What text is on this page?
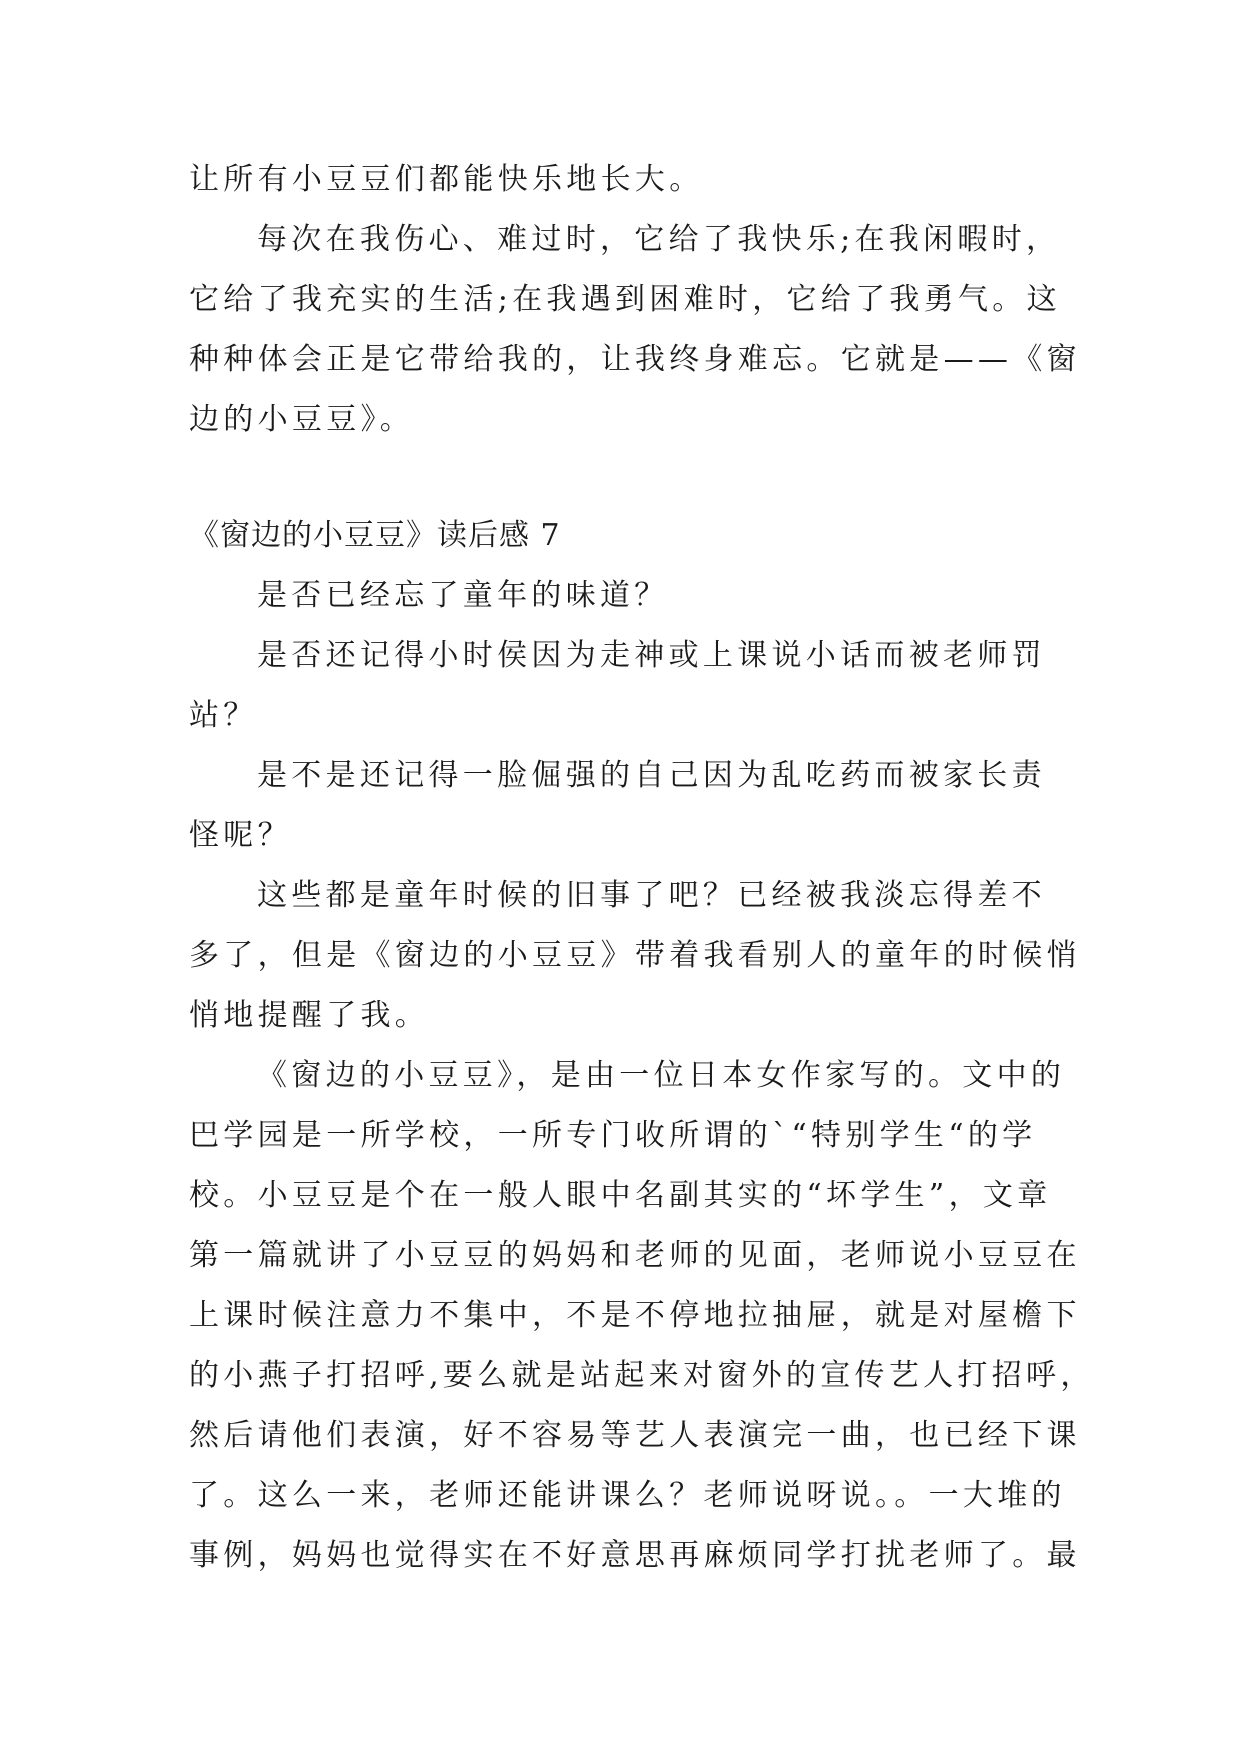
让所有小豆豆们都能快乐地长大。
每次在我伤心、难过时，它给了我快乐;在我闲暇时，
它给了我充实的生活;在我遇到困难时，它给了我勇气。这
种种体会正是它带给我的，让我终身难忘。它就是——《窗
边的小豆豆》。
《窗边的小豆豆》读后感 7
是否已经忘了童年的味道？
是否还记得小时侯因为走神或上课说小话而被老师罚
站？
是不是还记得一脸倔强的自己因为乱吃药而被家长责
怪呢？
这些都是童年时候的旧事了吧？已经被我淡忘得差不
多了，但是《窗边的小豆豆》带着我看别人的童年的时候悄
悄地提醒了我。
《窗边的小豆豆》，是由一位日本女作家写的。文中的
巴学园是一所学校，一所专门收所谓的`“特别学生“的学
校。小豆豆是个在一般人眼中名副其实的“坏学生”，文章
第一篇就讲了小豆豆的妈妈和老师的见面，老师说小豆豆在
上课时候注意力不集中，不是不停地拉抽屉，就是对屋檐下
的小燕子打招呼,要么就是站起来对窗外的宣传艺人打招呼，
然后请他们表演，好不容易等艺人表演完一曲，也已经下课
了。这么一来，老师还能讲课么？老师说呀说。。一大堆的
事例，妈妈也觉得实在不好意思再麻烦同学打扰老师了。最
